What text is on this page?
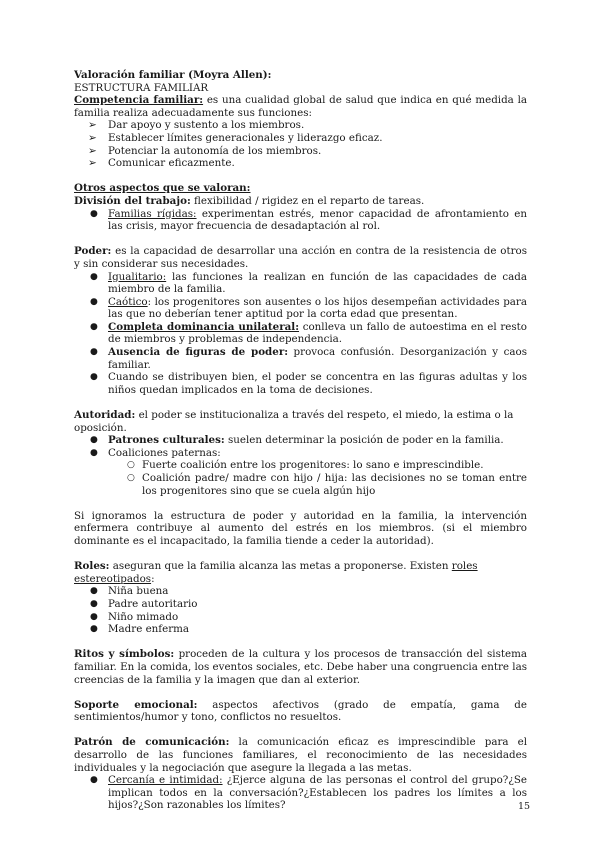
Valoración familiar (Moyra Allen):

ESTRUCTURA FAMILIAR

Competencia familiar: es una cualidad global de salud que indica en qué medida la familia realiza adecuadamente sus funciones:

➢ Dar apoyo y sustento a los miembros.
➢ Establecer límites generacionales y liderazgo eficaz.
➢ Potenciar la autonomía de los miembros.
➢ Comunicar eficazmente.

Otros aspectos que se valoran:

División del trabajo: flexibilidad / rigidez en el reparto de tareas.

● Familias rígidas: experimentan estrés, menor capacidad de afrontamiento en las crisis, mayor frecuencia de desadaptación al rol.

Poder: es la capacidad de desarrollar una acción en contra de la resistencia de otros y sin considerar sus necesidades.

● Igualitario: las funciones la realizan en función de las capacidades de cada miembro de la familia.
● Caótico: los progenitores son ausentes o los hijos desempeñan actividades para las que no deberían tener aptitud por la corta edad que presentan.
● Completa dominancia unilateral: conlleva un fallo de autoestima en el resto de miembros y problemas de independencia.
● Ausencia de figuras de poder: provoca confusión. Desorganización y caos familiar.
● Cuando se distribuyen bien, el poder se concentra en las figuras adultas y los niños quedan implicados en la toma de decisiones.

Autoridad: el poder se institucionaliza a través del respeto, el miedo, la estima o la oposición.

● Patrones culturales: suelen determinar la posición de poder en la familia.
● Coaliciones paternas:
○ Fuerte coalición entre los progenitores: lo sano e imprescindible.
○ Coalición padre/ madre con hijo / hija: las decisiones no se toman entre los progenitores sino que se cuela algún hijo

Si ignoramos la estructura de poder y autoridad en la familia, la intervención enfermera contribuye al aumento del estrés en los miembros. (si el miembro dominante es el incapacitado, la familia tiende a ceder la autoridad).

Roles: aseguran que la familia alcanza las metas a proponerse. Existen roles estereotipados:

● Niña buena
● Padre autoritario
● Niño mimado
● Madre enferma

Ritos y símbolos: proceden de la cultura y los procesos de transacción del sistema familiar. En la comida, los eventos sociales, etc. Debe haber una congruencia entre las creencias de la familia y la imagen que dan al exterior.

Soporte emocional: aspectos afectivos (grado de empatía, gama de sentimientos/humor y tono, conflictos no resueltos.

Patrón de comunicación: la comunicación eficaz es imprescindible para el desarrollo de las funciones familiares, el reconocimiento de las necesidades individuales y la negociación que asegure la llegada a las metas.

● Cercanía e intimidad: ¿Ejerce alguna de las personas el control del grupo?¿Se implican todos en la conversación?¿Establecen los padres los límites a los hijos?¿Son razonables los límites?	15
